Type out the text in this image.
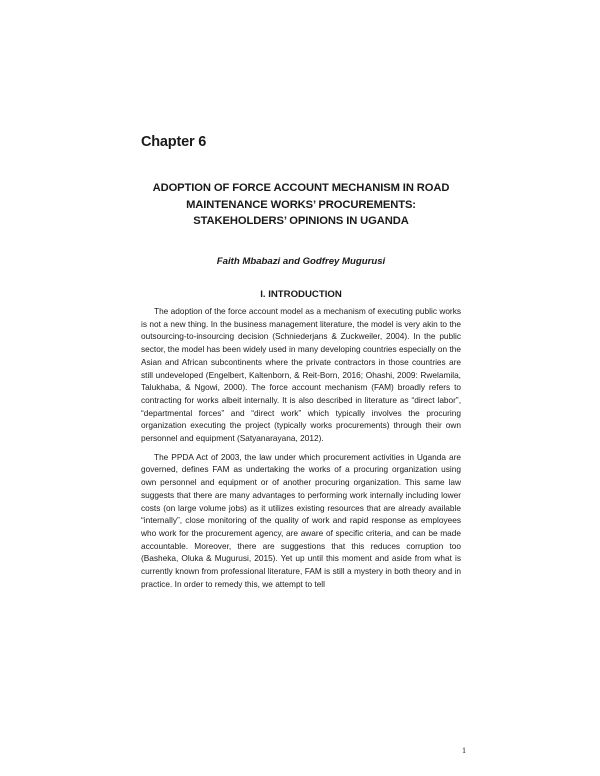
Chapter 6
ADOPTION OF FORCE ACCOUNT MECHANISM IN ROAD MAINTENANCE WORKS’ PROCUREMENTS: STAKEHOLDERS’ OPINIONS IN UGANDA
Faith Mbabazi and Godfrey Mugurusi
I. INTRODUCTION

The adoption of the force account model as a mechanism of executing public works is not a new thing. In the business management literature, the model is very akin to the outsourcing-to-insourcing decision (Schniederjans & Zuckweiler, 2004). In the public sector, the model has been widely used in many developing countries especially on the Asian and African subcontinents where the private contractors in those countries are still undeveloped (Engelbert, Kaltenborn, & Reit-Born, 2016; Ohashi, 2009: Rwelamila, Talukhaba, & Ngowi, 2000). The force account mechanism (FAM) broadly refers to contracting for works albeit internally. It is also described in literature as “direct labor”, “departmental forces” and “direct work” which typically involves the procuring organization executing the project (typically works procurements) through their own personnel and equipment (Satyanarayana, 2012).

The PPDA Act of 2003, the law under which procurement activities in Uganda are governed, defines FAM as undertaking the works of a procuring organization using own personnel and equipment or of another procuring organization. This same law suggests that there are many advantages to performing work internally including lower costs (on large volume jobs) as it utilizes existing resources that are already available “internally”, close monitoring of the quality of work and rapid response as employees who work for the procurement agency, are aware of specific criteria, and can be made accountable. Moreover, there are suggestions that this reduces corruption too (Basheka, Oluka & Mugurusi, 2015). Yet up until this moment and aside from what is currently known from professional literature, FAM is still a mystery in both theory and in practice. In order to remedy this, we attempt to tell

1
